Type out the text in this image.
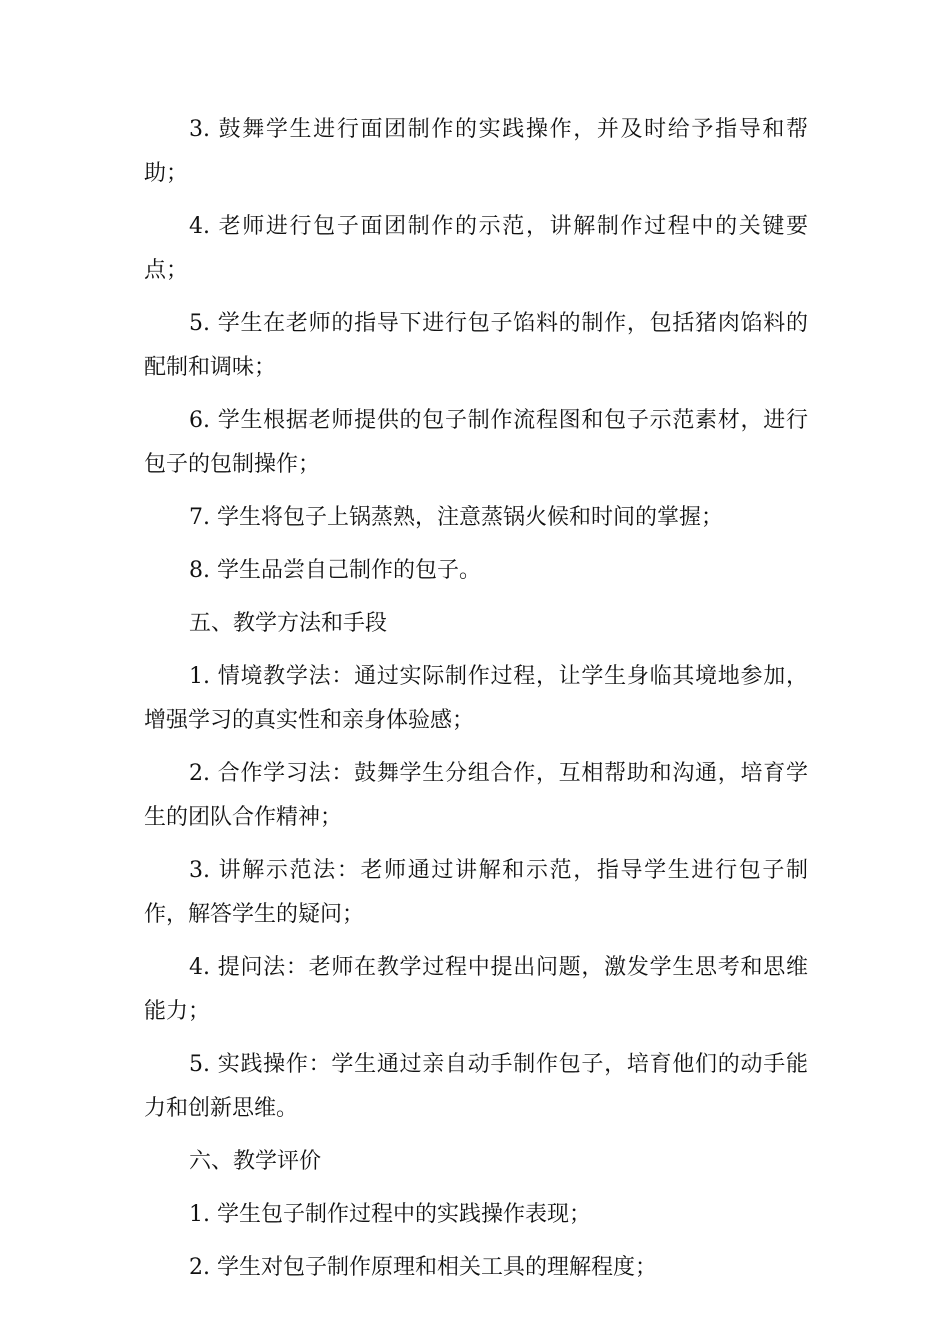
3. 鼓舞学生进行面团制作的实践操作，并及时给予指导和帮助；

4. 老师进行包子面团制作的示范，讲解制作过程中的关键要点；

5. 学生在老师的指导下进行包子馅料的制作，包括猪肉馅料的配制和调味；

6. 学生根据老师提供的包子制作流程图和包子示范素材，进行包子的包制操作；

7. 学生将包子上锅蒸熟，注意蒸锅火候和时间的掌握；

8. 学生品尝自己制作的包子。

五、教学方法和手段

1. 情境教学法：通过实际制作过程，让学生身临其境地参加，增强学习的真实性和亲身体验感；

2. 合作学习法：鼓舞学生分组合作，互相帮助和沟通，培育学生的团队合作精神；

3. 讲解示范法：老师通过讲解和示范，指导学生进行包子制作，解答学生的疑问；

4. 提问法：老师在教学过程中提出问题，激发学生思考和思维能力；

5. 实践操作：学生通过亲自动手制作包子，培育他们的动手能力和创新思维。

六、教学评价

1. 学生包子制作过程中的实践操作表现；

2. 学生对包子制作原理和相关工具的理解程度；
